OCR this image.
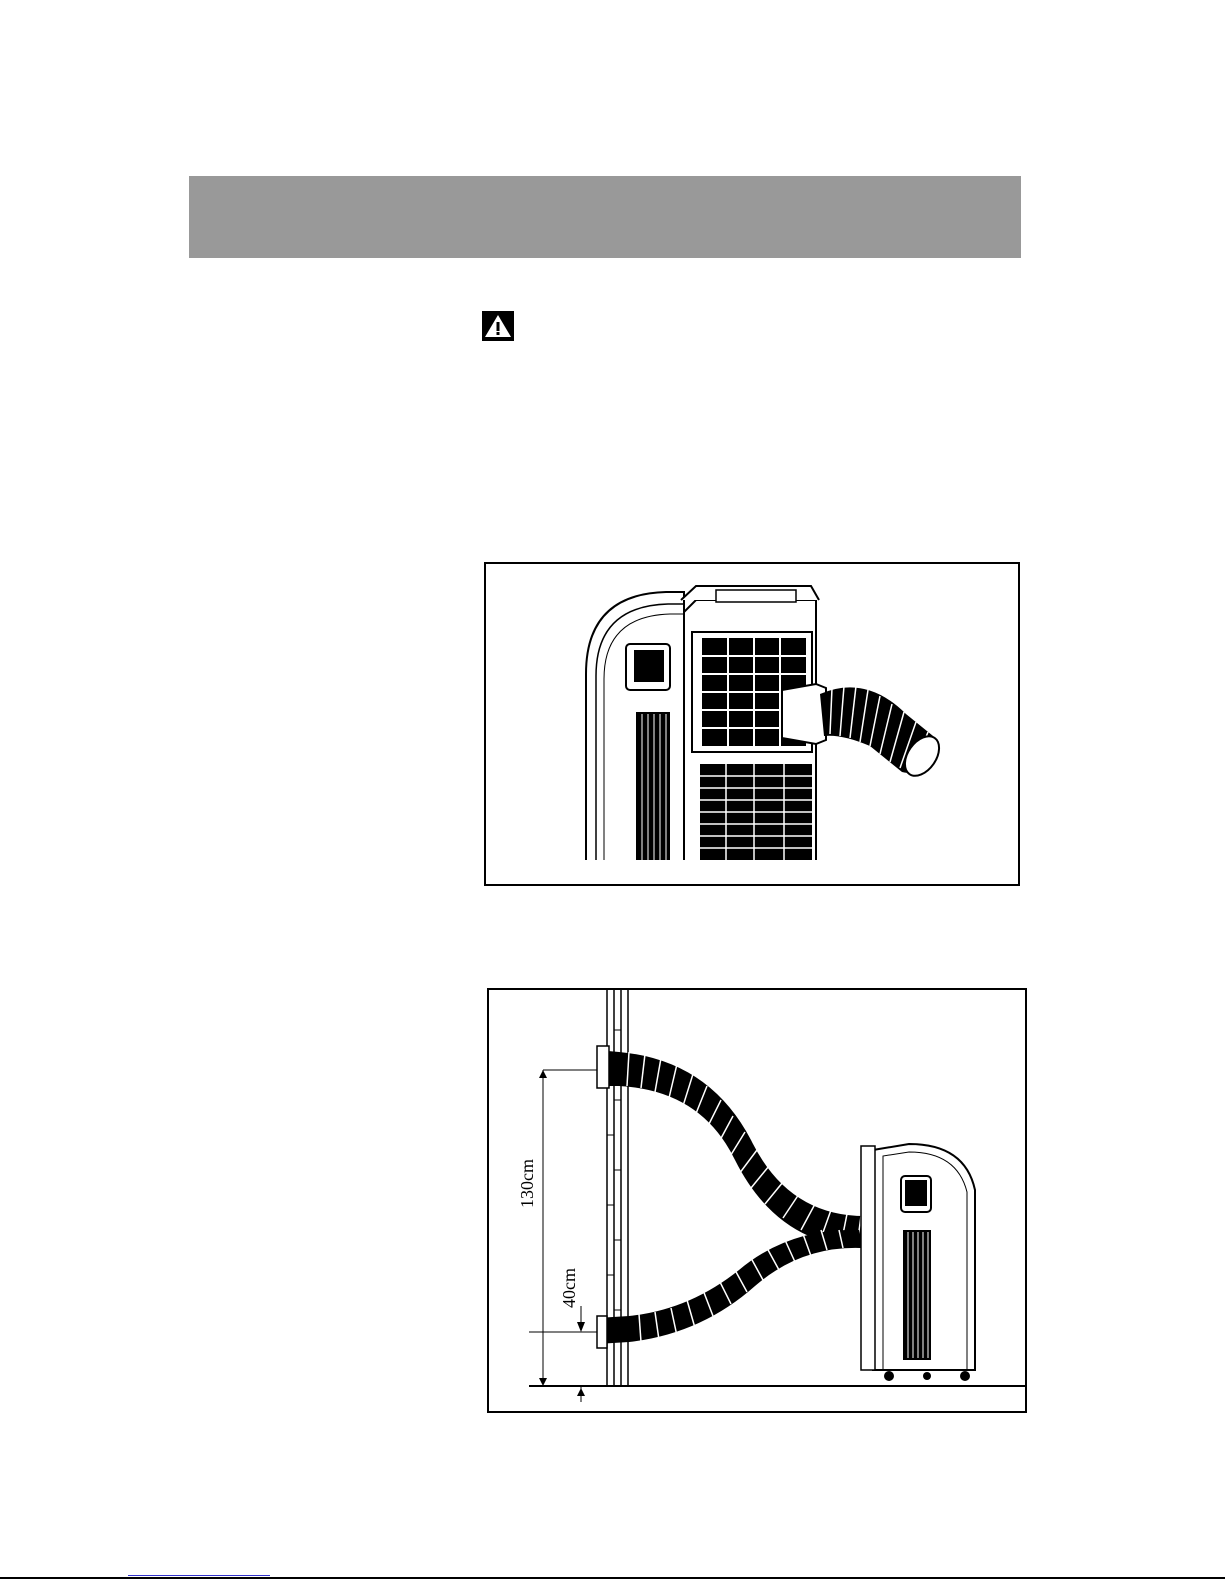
130cm
40cm
